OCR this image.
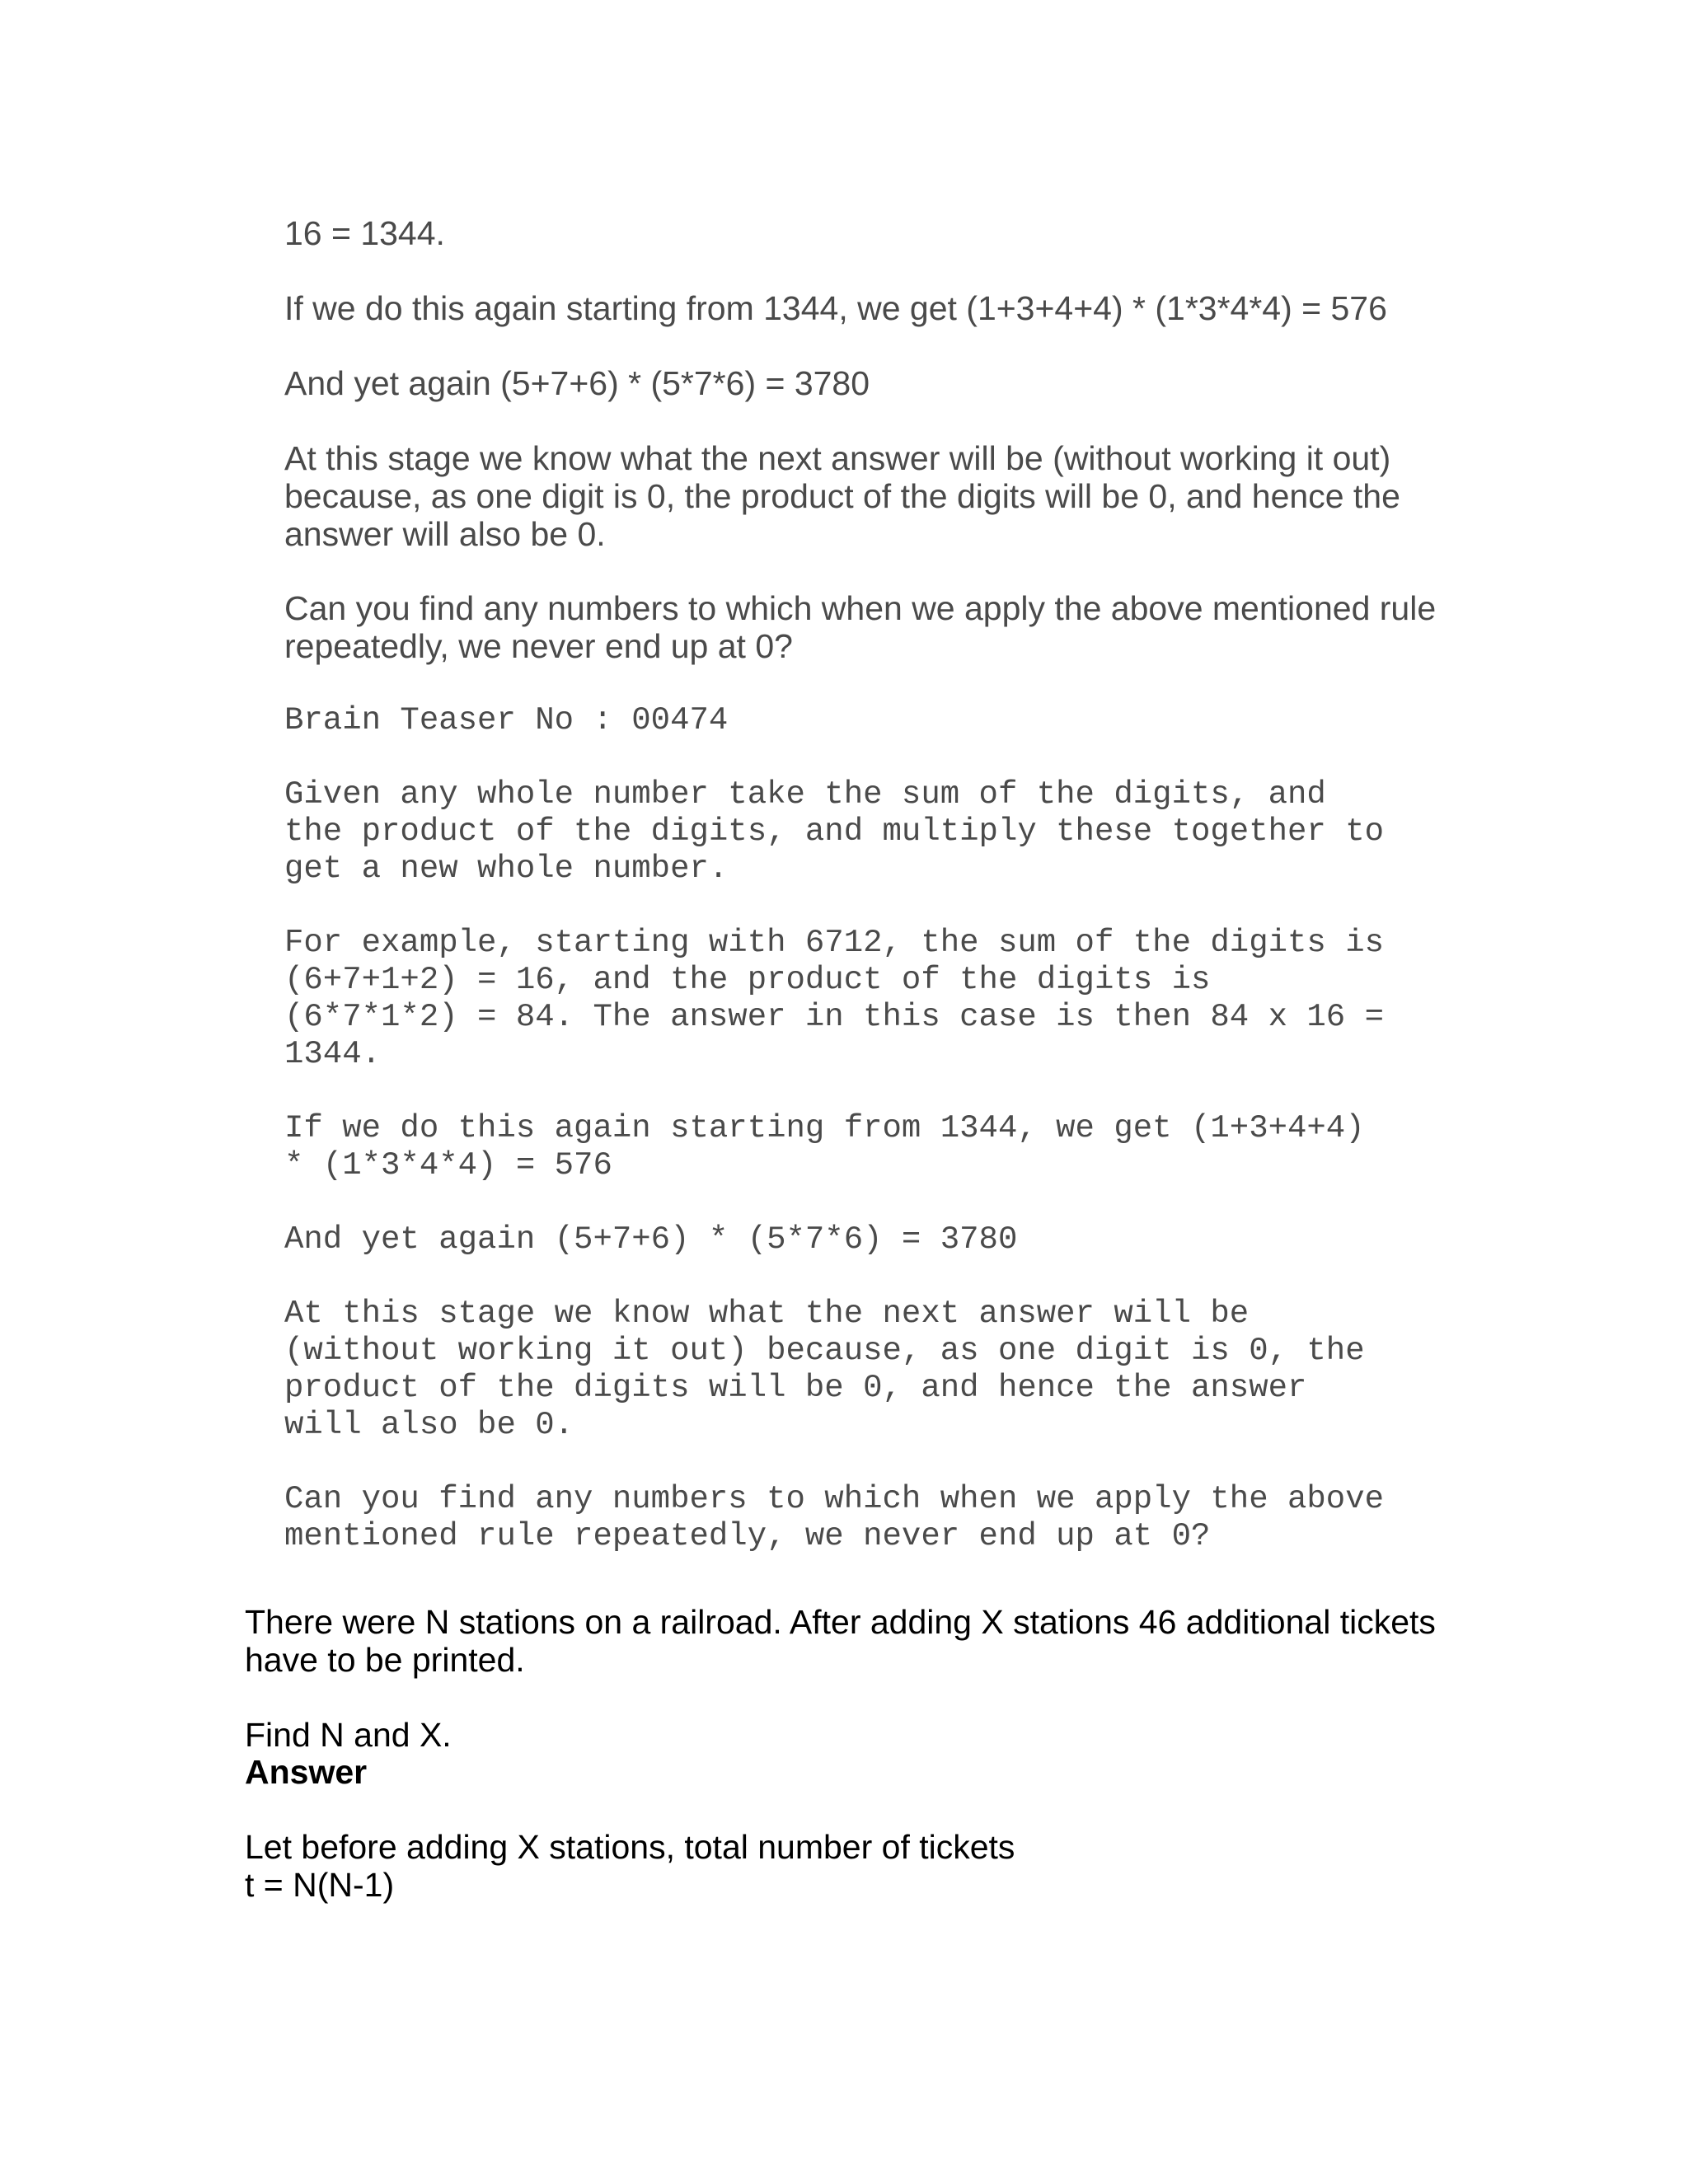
16 = 1344.

If we do this again starting from 1344, we get (1+3+4+4) * (1*3*4*4) = 576

And yet again (5+7+6) * (5*7*6) = 3780

At this stage we know what the next answer will be (without working it out)
because, as one digit is 0, the product of the digits will be 0, and hence the
answer will also be 0.

Can you find any numbers to which when we apply the above mentioned rule
repeatedly, we never end up at 0?

Brain Teaser No : 00474

Given any whole number take the sum of the digits, and
the product of the digits, and multiply these together to
get a new whole number.

For example, starting with 6712, the sum of the digits is
(6+7+1+2) = 16, and the product of the digits is
(6*7*1*2) = 84. The answer in this case is then 84 x 16 =
1344.

If we do this again starting from 1344, we get (1+3+4+4)
* (1*3*4*4) = 576

And yet again (5+7+6) * (5*7*6) = 3780

At this stage we know what the next answer will be
(without working it out) because, as one digit is 0, the
product of the digits will be 0, and hence the answer
will also be 0.

Can you find any numbers to which when we apply the above
mentioned rule repeatedly, we never end up at 0?

There were N stations on a railroad. After adding X stations 46 additional tickets
have to be printed.

Find N and X.

Answer

Let before adding X stations, total number of tickets
t = N(N-1)
